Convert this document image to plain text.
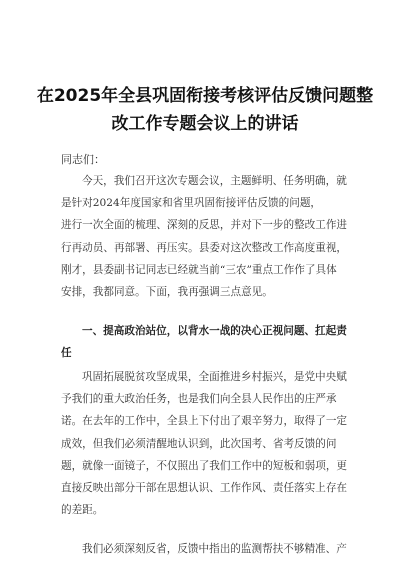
在2025年全县巩固衔接考核评估反馈问题整
改工作专题会议上的讲话
同志们：
今天，我们召开这次专题会议，主题鲜明、任务明确，就
是针对2024年度国家和省里巩固衔接评估反馈的问题，
进行一次全面的梳理、深刻的反思，并对下一步的整改工作进
行再动员、再部署、再压实。县委对这次整改工作高度重视，
刚才，县委副书记同志已经就当前“三农”重点工作作了具体
安排，我都同意。下面，我再强调三点意见。
一、提高政治站位，以背水一战的决心正视问题、扛起责
任
巩固拓展脱贫攻坚成果，全面推进乡村振兴，是党中央赋
予我们的重大政治任务，也是我们向全县人民作出的庄严承
诺。在去年的工作中，全县上下付出了艰辛努力，取得了一定
成效，但我们必须清醒地认识到，此次国考、省考反馈的问
题，就像一面镜子，不仅照出了我们工作中的短板和弱项，更
直接反映出部分干部在思想认识、工作作风、责任落实上存在
的差距。
我们必须深刻反省，反馈中指出的监测帮扶不够精准、产
